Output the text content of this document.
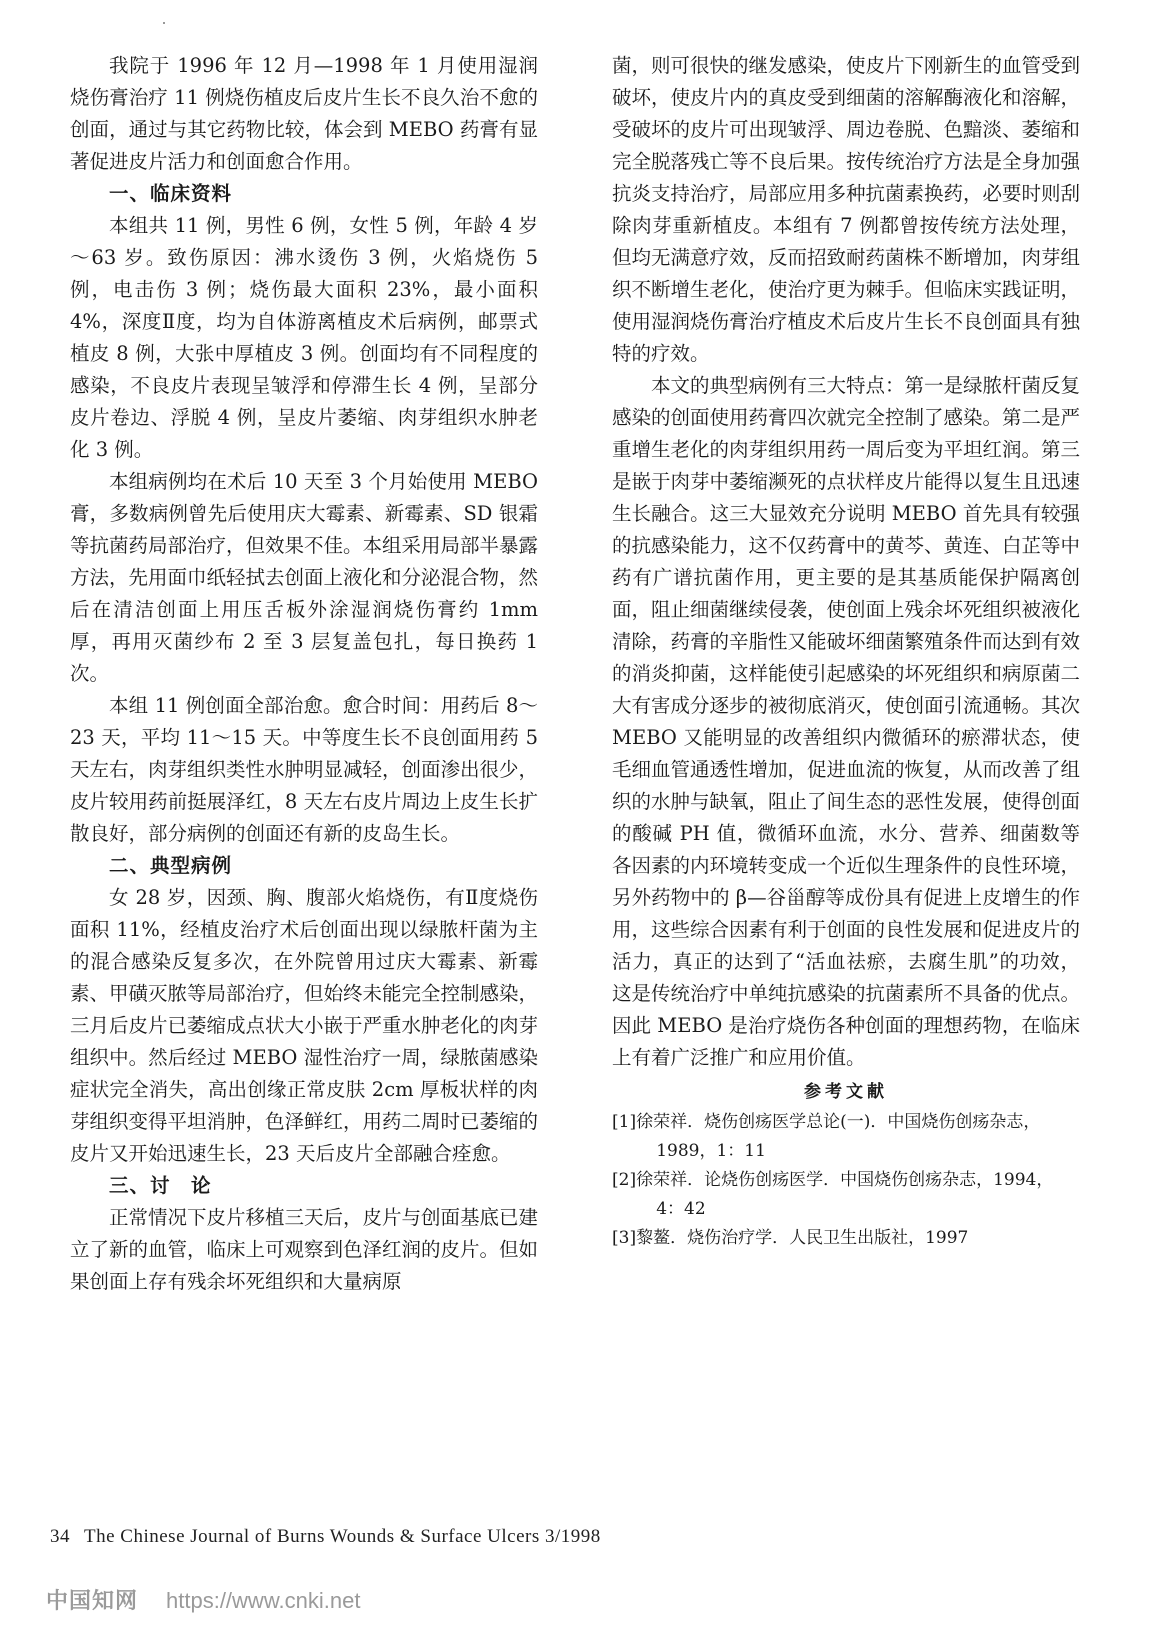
我院于 1996 年 12 月—1998 年 1 月使用湿润烧伤膏治疗 11 例烧伤植皮后皮片生长不良久治不愈的创面，通过与其它药物比较，体会到 MEBO 药膏有显著促进皮片活力和创面愈合作用。

一、临床资料

本组共 11 例，男性 6 例，女性 5 例，年龄 4 岁～63 岁。致伤原因：沸水烫伤 3 例，火焰烧伤 5 例，电击伤 3 例；烧伤最大面积 23%，最小面积 4%，深度Ⅱ度，均为自体游离植皮术后病例，邮票式植皮 8 例，大张中厚植皮 3 例。创面均有不同程度的感染，不良皮片表现呈皱浮和停滞生长 4 例，呈部分皮片卷边、浮脱 4 例，呈皮片萎缩、肉芽组织水肿老化 3 例。

本组病例均在术后 10 天至 3 个月始使用 MEBO 膏，多数病例曾先后使用庆大霉素、新霉素、SD 银霜等抗菌药局部治疗，但效果不佳。本组采用局部半暴露方法，先用面巾纸轻拭去创面上液化和分泌混合物，然后在清洁创面上用压舌板外涂湿润烧伤膏约 1mm 厚，再用灭菌纱布 2 至 3 层复盖包扎，每日换药 1 次。

本组 11 例创面全部治愈。愈合时间：用药后 8～23 天，平均 11～15 天。中等度生长不良创面用药 5 天左右，肉芽组织类性水肿明显减轻，创面渗出很少，皮片较用药前挺展泽红，8 天左右皮片周边上皮生长扩散良好，部分病例的创面还有新的皮岛生长。

二、典型病例

女 28 岁，因颈、胸、腹部火焰烧伤，有Ⅱ度烧伤面积 11%，经植皮治疗术后创面出现以绿脓杆菌为主的混合感染反复多次，在外院曾用过庆大霉素、新霉素、甲磺灭脓等局部治疗，但始终未能完全控制感染，三月后皮片已萎缩成点状大小嵌于严重水肿老化的肉芽组织中。然后经过 MEBO 湿性治疗一周，绿脓菌感染症状完全消失，高出创缘正常皮肤 2cm 厚板状样的肉芽组织变得平坦消肿，色泽鲜红，用药二周时已萎缩的皮片又开始迅速生长，23 天后皮片全部融合痊愈。

三、讨　论

正常情况下皮片移植三天后，皮片与创面基底已建立了新的血管，临床上可观察到色泽红润的皮片。但如果创面上存有残余坏死组织和大量病原

菌，则可很快的继发感染，使皮片下刚新生的血管受到破坏，使皮片内的真皮受到细菌的溶解酶液化和溶解，受破坏的皮片可出现皱浮、周边卷脱、色黯淡、萎缩和完全脱落残亡等不良后果。按传统治疗方法是全身加强抗炎支持治疗，局部应用多种抗菌素换药，必要时则刮除肉芽重新植皮。本组有 7 例都曾按传统方法处理，但均无满意疗效，反而招致耐药菌株不断增加，肉芽组织不断增生老化，使治疗更为棘手。但临床实践证明，使用湿润烧伤膏治疗植皮术后皮片生长不良创面具有独特的疗效。

本文的典型病例有三大特点：第一是绿脓杆菌反复感染的创面使用药膏四次就完全控制了感染。第二是严重增生老化的肉芽组织用药一周后变为平坦红润。第三是嵌于肉芽中萎缩濒死的点状样皮片能得以复生且迅速生长融合。这三大显效充分说明 MEBO 首先具有较强的抗感染能力，这不仅药膏中的黄芩、黄连、白芷等中药有广谱抗菌作用，更主要的是其基质能保护隔离创面，阻止细菌继续侵袭，使创面上残余坏死组织被液化清除，药膏的辛脂性又能破坏细菌繁殖条件而达到有效的消炎抑菌，这样能使引起感染的坏死组织和病原菌二大有害成分逐步的被彻底消灭，使创面引流通畅。其次 MEBO 又能明显的改善组织内微循环的瘀滞状态，使毛细血管通透性增加，促进血流的恢复，从而改善了组织的水肿与缺氧，阻止了间生态的恶性发展，使得创面的酸碱 PH 值，微循环血流，水分、营养、细菌数等各因素的内环境转变成一个近似生理条件的良性环境，另外药物中的 β—谷甾醇等成份具有促进上皮增生的作用，这些综合因素有利于创面的良性发展和促进皮片的活力，真正的达到了“活血祛瘀，去腐生肌”的功效，这是传统治疗中单纯抗感染的抗菌素所不具备的优点。因此 MEBO 是治疗烧伤各种创面的理想药物，在临床上有着广泛推广和应用价值。

参考文献

[1]徐荣祥．烧伤创疡医学总论(一)．中国烧伤创疡杂志，1989，1：11

[2]徐荣祥．论烧伤创疡医学．中国烧伤创疡杂志，1994，4：42

[3]黎鳌．烧伤治疗学．人民卫生出版社，1997

34 The Chinese Journal of Burns Wounds & Surface Ulcers 3/1998
中国知网 https://www.cnki.net
